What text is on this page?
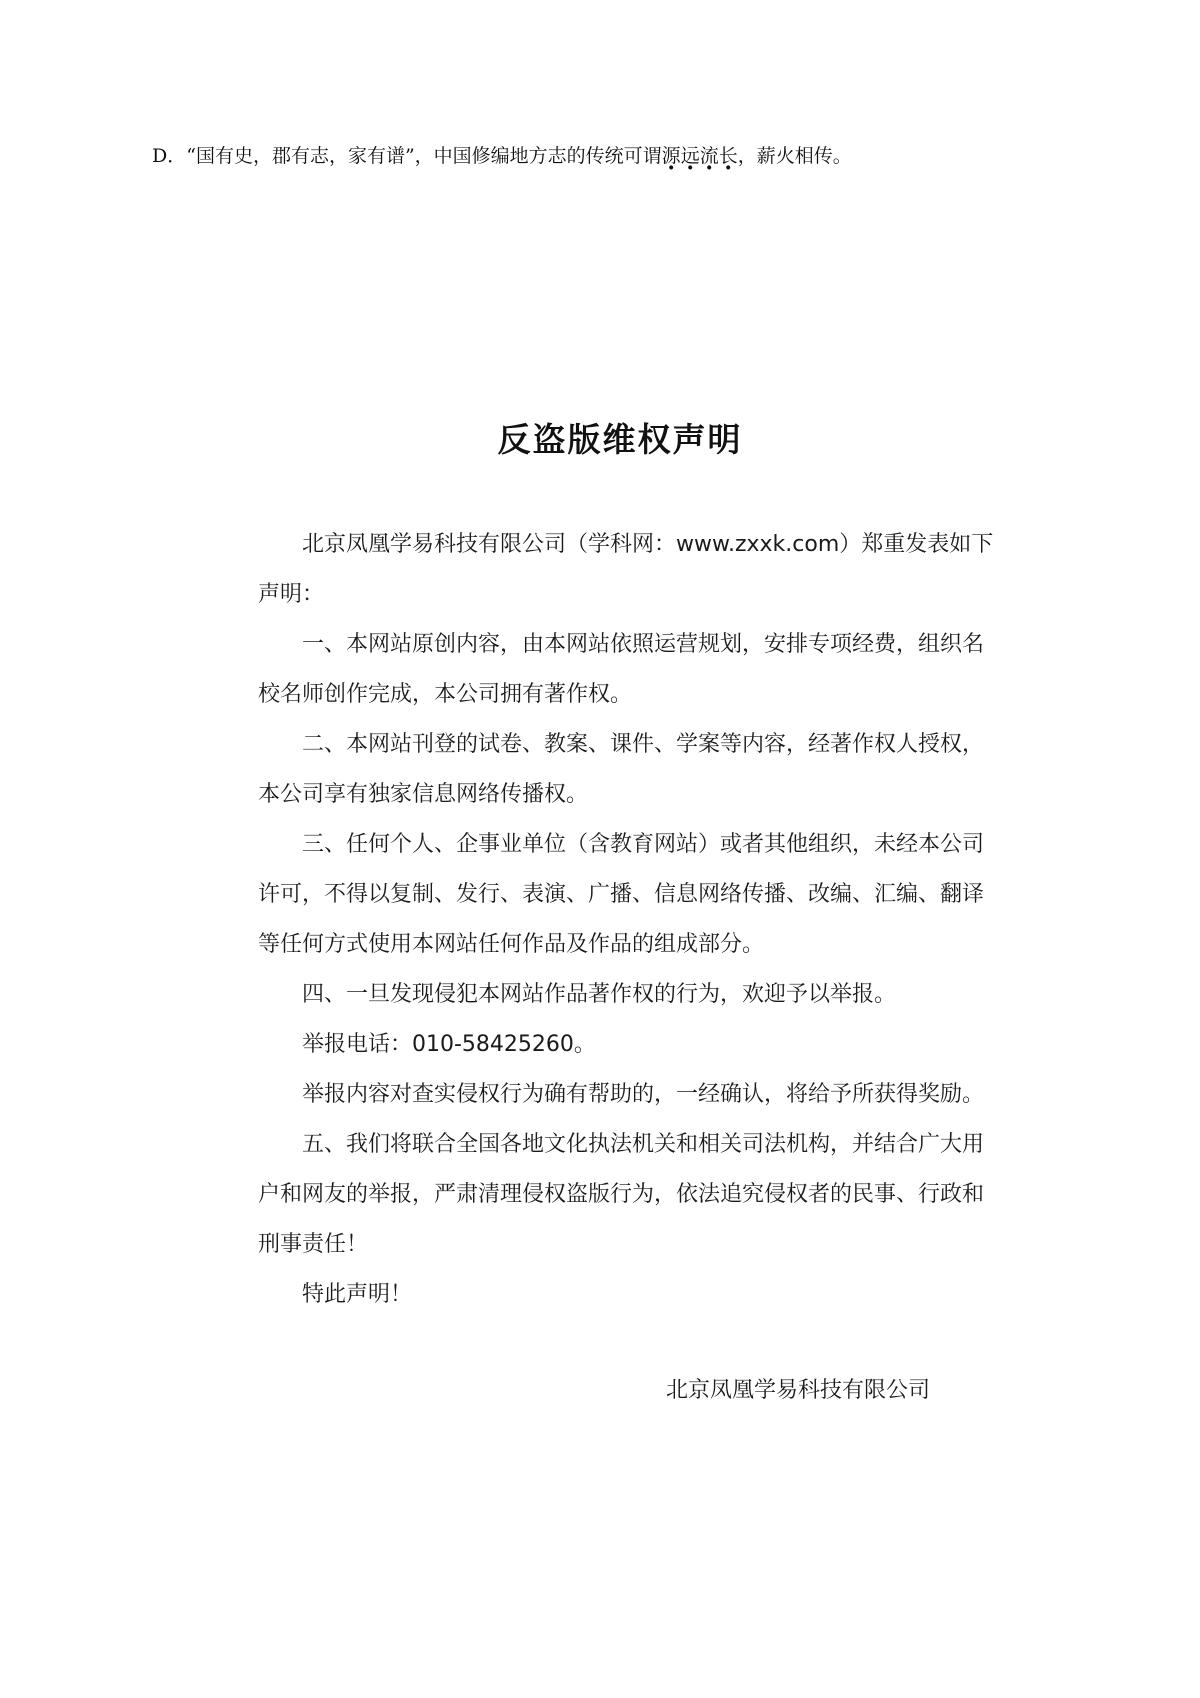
D．“国有史，郡有志，家有谱”，中国修编地方志的传统可谓源远流长，薪火相传。
反盗版维权声明

北京凤凰学易科技有限公司（学科网：www.zxxk.com）郑重发表如下声明：

一、本网站原创内容，由本网站依照运营规划，安排专项经费，组织名校名师创作完成，本公司拥有著作权。

二、本网站刊登的试卷、教案、课件、学案等内容，经著作权人授权，本公司享有独家信息网络传播权。

三、任何个人、企事业单位（含教育网站）或者其他组织，未经本公司许可，不得以复制、发行、表演、广播、信息网络传播、改编、汇编、翻译等任何方式使用本网站任何作品及作品的组成部分。

四、一旦发现侵犯本网站作品著作权的行为，欢迎予以举报。

举报电话：010-58425260。

举报内容对查实侵权行为确有帮助的，一经确认，将给予所获得奖励。

五、我们将联合全国各地文化执法机关和相关司法机构，并结合广大用户和网友的举报，严肃清理侵权盗版行为，依法追究侵权者的民事、行政和刑事责任！

特此声明！

北京凤凰学易科技有限公司
